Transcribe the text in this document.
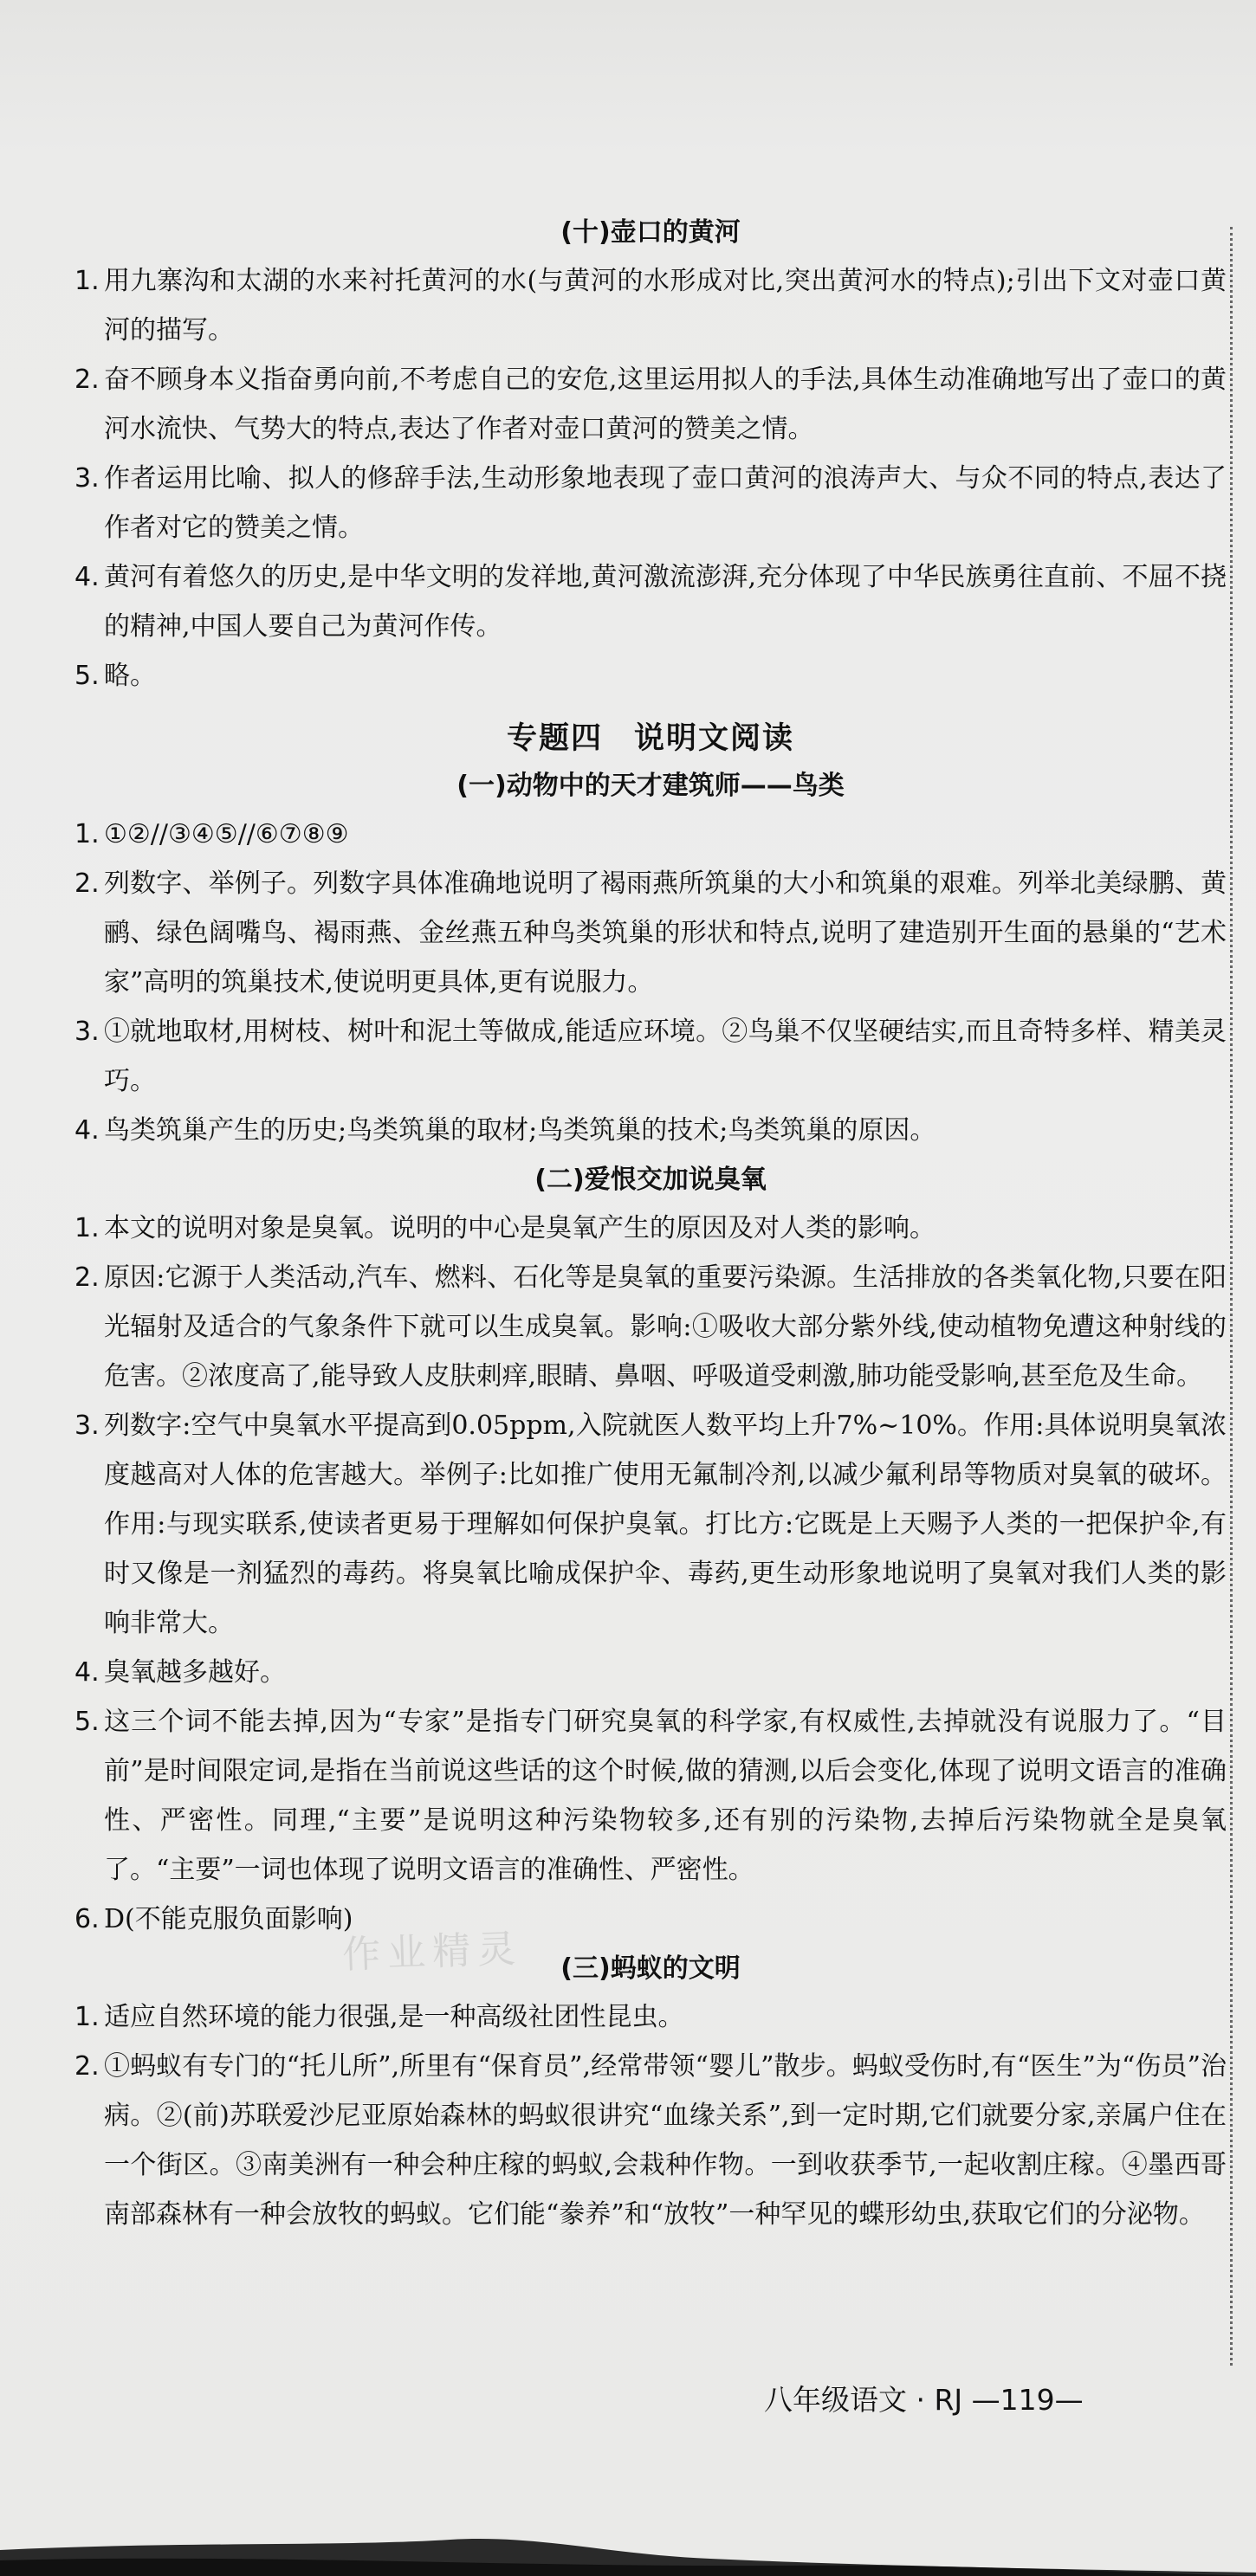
(十)壶口的黄河
1. 用九寨沟和太湖的水来衬托黄河的水(与黄河的水形成对比,突出黄河水的特点);引出下文对壶口黄河的描写。
2. 奋不顾身本义指奋勇向前,不考虑自己的安危,这里运用拟人的手法,具体生动准确地写出了壶口的黄河水流快、气势大的特点,表达了作者对壶口黄河的赞美之情。
3. 作者运用比喻、拟人的修辞手法,生动形象地表现了壶口黄河的浪涛声大、与众不同的特点,表达了作者对它的赞美之情。
4. 黄河有着悠久的历史,是中华文明的发祥地,黄河激流澎湃,充分体现了中华民族勇往直前、不屈不挠的精神,中国人要自己为黄河作传。
5. 略。
专题四 说明文阅读
(一)动物中的天才建筑师——鸟类
1. ①②//③④⑤//⑥⑦⑧⑨
2. 列数字、举例子。列数字具体准确地说明了褐雨燕所筑巢的大小和筑巢的艰难。列举北美绿鹏、黄鹂、绿色阔嘴鸟、褐雨燕、金丝燕五种鸟类筑巢的形状和特点,说明了建造别开生面的悬巢的“艺术家”高明的筑巢技术,使说明更具体,更有说服力。
3. ①就地取材,用树枝、树叶和泥土等做成,能适应环境。②鸟巢不仅坚硬结实,而且奇特多样、精美灵巧。
4. 鸟类筑巢产生的历史;鸟类筑巢的取材;鸟类筑巢的技术;鸟类筑巢的原因。
(二)爱恨交加说臭氧
1. 本文的说明对象是臭氧。说明的中心是臭氧产生的原因及对人类的影响。
2. 原因:它源于人类活动,汽车、燃料、石化等是臭氧的重要污染源。生活排放的各类氧化物,只要在阳光辐射及适合的气象条件下就可以生成臭氧。影响:①吸收大部分紫外线,使动植物免遭这种射线的危害。②浓度高了,能导致人皮肤刺痒,眼睛、鼻咽、呼吸道受刺激,肺功能受影响,甚至危及生命。
3. 列数字:空气中臭氧水平提高到0.05ppm,入院就医人数平均上升7%~10%。作用:具体说明臭氧浓度越高对人体的危害越大。举例子:比如推广使用无氟制冷剂,以减少氟利昂等物质对臭氧的破坏。作用:与现实联系,使读者更易于理解如何保护臭氧。打比方:它既是上天赐予人类的一把保护伞,有时又像是一剂猛烈的毒药。将臭氧比喻成保护伞、毒药,更生动形象地说明了臭氧对我们人类的影响非常大。
4. 臭氧越多越好。
5. 这三个词不能去掉,因为“专家”是指专门研究臭氧的科学家,有权威性,去掉就没有说服力了。“目前”是时间限定词,是指在当前说这些话的这个时候,做的猜测,以后会变化,体现了说明文语言的准确性、严密性。同理,“主要”是说明这种污染物较多,还有别的污染物,去掉后污染物就全是臭氧了。“主要”一词也体现了说明文语言的准确性、严密性。
6. D(不能克服负面影响)
(三)蚂蚁的文明
1. 适应自然环境的能力很强,是一种高级社团性昆虫。
2. ①蚂蚁有专门的“托儿所”,所里有“保育员”,经常带领“婴儿”散步。蚂蚁受伤时,有“医生”为“伤员”治病。②(前)苏联爱沙尼亚原始森林的蚂蚁很讲究“血缘关系”,到一定时期,它们就要分家,亲属户住在一个街区。③南美洲有一种会种庄稼的蚂蚁,会栽种作物。一到收获季节,一起收割庄稼。④墨西哥南部森林有一种会放牧的蚂蚁。它们能“豢养”和“放牧”一种罕见的蝶形幼虫,获取它们的分泌物。
作业精灵
八年级语文 · RJ —119—
